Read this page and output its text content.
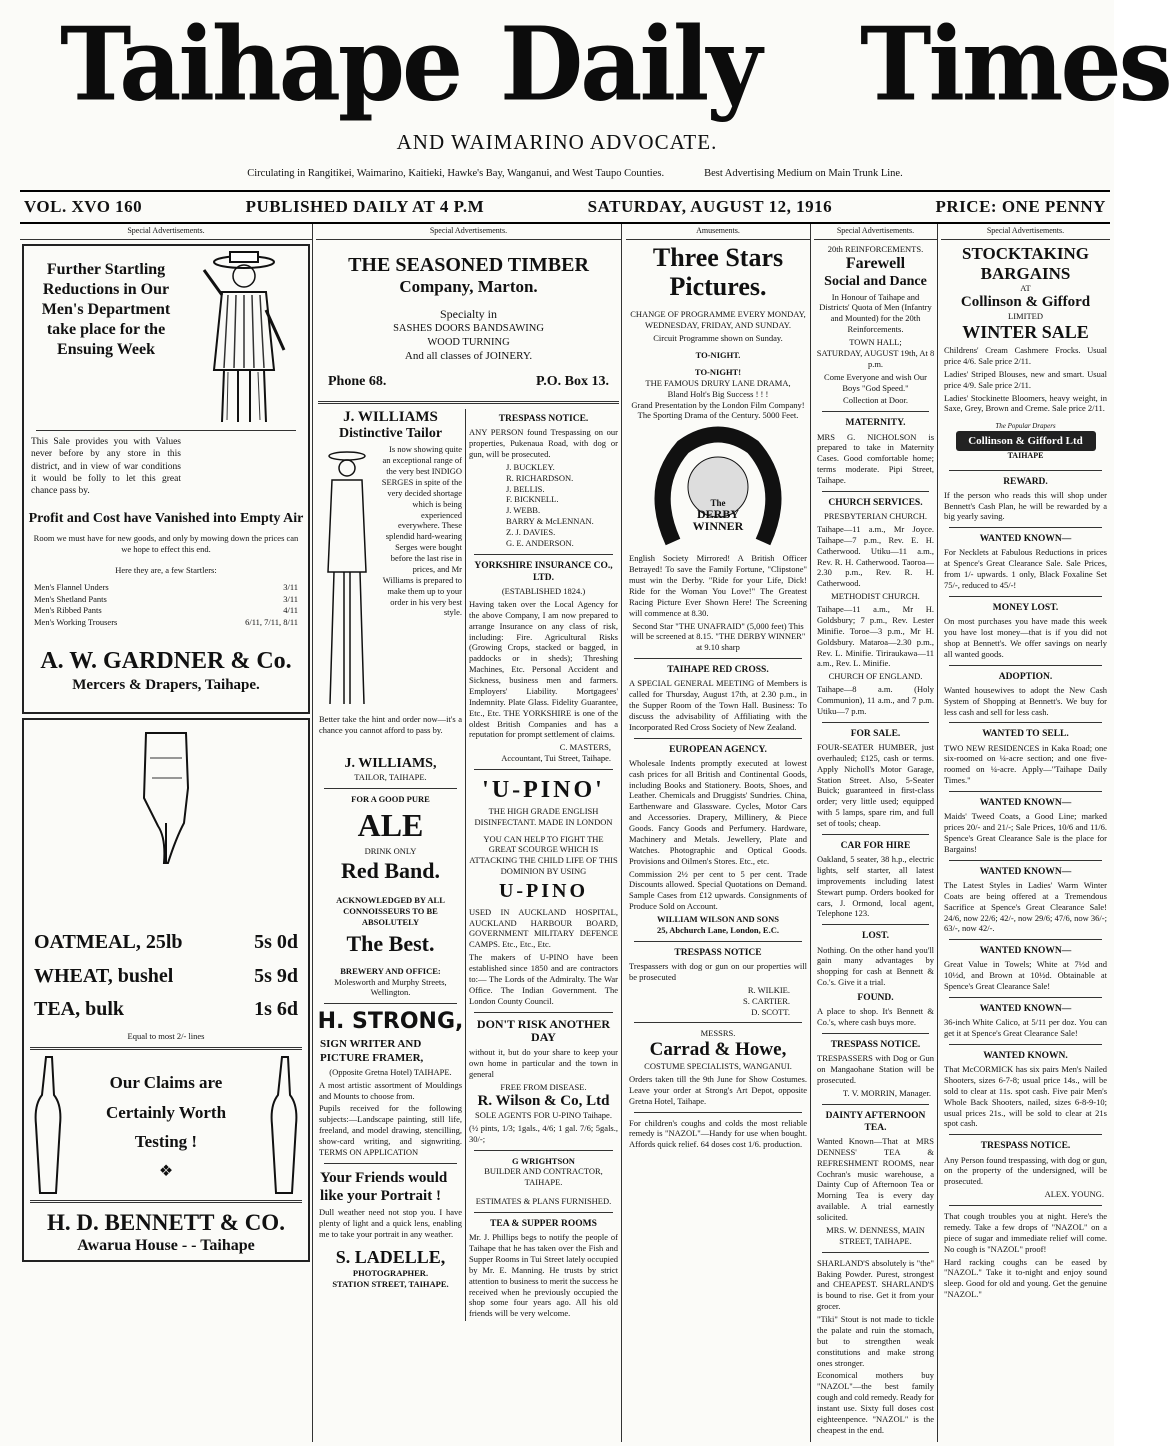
Taihape Daily Times
AND WAIMARINO ADVOCATE.
Circulating in Rangitikei, Waimarino, Kaitieki, Hawke's Bay, Wanganui, and West Taupo Counties.	Best Advertising Medium on Main Trunk Line.
VOL. XVO 160	PUBLISHED DAILY AT 4 P.M	SATURDAY, AUGUST 12, 1916	PRICE: ONE PENNY
Special Advertisements.
Further Startling Reductions in Our Men's Department take place for the Ensuing Week

This Sale provides you with Values never before by any store in this district, and in view of war conditions it would be folly to let this great chance pass by.

Profit and Cost have Vanished into Empty Air

Room we must have for new goods, and only by mowing down the prices can we hope to effect this end.

Here they are, a few Startlers:
Men's Flannel Unders	3/11
Men's Shetland Pants	3/11
Men's Ribbed Pants	4/11
Men's Working Trousers	6/11, 7/11, 8/11
A. W. GARDNER & Co.
Mercers & Drapers, Taihape.
OATMEAL, 25lb	5s 0d
WHEAT, bushel	5s 9d
TEA, bulk	1s 6d
Equal to most 2/- lines
Our Claims are
Certainly Worth
Testing !
❖
H. D. BENNETT & CO.
Awarua House - - Taihape
Special Advertisements.
THE SEASONED TIMBER
Company, Marton.
Specialty in
SASHES DOORS BANDSAWING
WOOD TURNING
And all classes of JOINERY.
Phone 68.	P.O. Box 13.
J. WILLIAMS
Distinctive Tailor

Is now showing quite an exceptional range of the very best INDIGO SERGES in spite of the very decided shortage which is being experienced everywhere. These splendid hard-wearing Serges were bought before the last rise in prices, and Mr Williams is prepared to make them up to your order in his very best style.

Better take the hint and order now—it's a chance you cannot afford to pass by.

J. WILLIAMS,
TAILOR, TAIHAPE.
FOR A GOOD PURE
ALE
DRINK ONLY
Red Band.

ACKNOWLEDGED BY ALL CONNOISSEURS TO BE ABSOLUTELY

The Best.
BREWERY AND OFFICE:
Molesworth and Murphy Streets, Wellington.
H. STRONG,
SIGN WRITER AND PICTURE FRAMER,
(Opposite Gretna Hotel) TAIHAPE.

A most artistic assortment of Mouldings and Mounts to choose from.

Pupils received for the following subjects:—Landscape painting, still life, freeland, and model drawing, stencilling, show-card writing, and signwriting. TERMS ON APPLICATION

Your Friends would like your Portrait !

Dull weather need not stop you. I have plenty of light and a quick lens, enabling me to take your portrait in any weather.

S. LADELLE,
PHOTOGRAPHER.
STATION STREET, TAIHAPE.
TRESPASS NOTICE.

ANY PERSON found Trespassing on our properties, Pukenaua Road, with dog or gun, will be prosecuted.

J. BUCKLEY.
R. RICHARDSON.
J. BELLIS.
F. BICKNELL.
J. WEBB.
BARRY & McLENNAN.
Z. J. DAVIES.
G. E. ANDERSON.
YORKSHIRE INSURANCE CO., LTD.
(ESTABLISHED 1824.)

Having taken over the Local Agency for the above Company, I am now prepared to arrange Insurance on any class of risk, including: Fire. Agricultural Risks (Growing Crops, stacked or bagged, in paddocks or in sheds); Threshing Machines, Etc. Personal Accident and Sickness, business men and farmers. Employers' Liability. Mortgagees' Indemnity. Plate Glass. Fidelity Guarantee, Etc., Etc. THE YORKSHIRE is one of the oldest British Companies and has a reputation for prompt settlement of claims.

C. MASTERS,
Accountant, Tui Street, Taihape.
'U-PINO'
THE HIGH GRADE ENGLISH DISINFECTANT. MADE IN LONDON

YOU CAN HELP TO FIGHT THE GREAT SCOURGE WHICH IS ATTACKING THE CHILD LIFE OF THIS DOMINION BY USING

U-PINO

USED IN AUCKLAND HOSPITAL, AUCKLAND HARBOUR BOARD, GOVERNMENT MILITARY DEFENCE CAMPS. Etc., Etc., Etc.

The makers of U-PINO have been established since 1850 and are contractors to:— The Lords of the Admiralty. The War Office. The Indian Government. The London County Council.

DON'T RISK ANOTHER DAY

without it, but do your share to keep your own home in particular and the town in general

FREE FROM DISEASE.
R. Wilson & Co, Ltd
SOLE AGENTS FOR U-PINO Taihape.

(½ pints, 1/3; 1gals., 4/6; 1 gal. 7/6; 5gals., 30/-;

G WRIGHTSON
BUILDER AND CONTRACTOR, TAIHAPE.
ESTIMATES & PLANS FURNISHED.
TEA & SUPPER ROOMS

Mr. J. Phillips begs to notify the people of Taihape that he has taken over the Fish and Supper Rooms in Tui Street lately occupied by Mr. E. Manning. He trusts by strict attention to business to merit the success he received when he previously occupied the shop some four years ago. All his old friends will be very welcome.

Amusements.
Three Stars
Pictures.

CHANGE OF PROGRAMME EVERY MONDAY, WEDNESDAY, FRIDAY, AND SUNDAY.

Circuit Programme shown on Sunday.
TO-NIGHT.
TO-NIGHT!
THE FAMOUS DRURY LANE DRAMA,
Bland Holt's Big Success ! ! !
Grand Presentation by the London Film Company!
The Sporting Drama of the Century. 5000 Feet.
The
DERBY
WINNER

English Society Mirrored! A British Officer Betrayed! To save the Family Fortune, "Clipstone" must win the Derby. "Ride for your Life, Dick! Ride for the Woman You Love!" The Greatest Racing Picture Ever Shown Here! The Screening will commence at 8.30.

Second Star "THE UNAFRAID" (5,000 feet) This will be screened at 8.15. "THE DERBY WINNER" at 9.10 sharp

TAIHAPE RED CROSS.

A SPECIAL GENERAL MEETING of Members is called for Thursday, August 17th, at 2.30 p.m., in the Supper Room of the Town Hall. Business: To discuss the advisability of Affiliating with the Incorporated Red Cross Society of New Zealand.

EUROPEAN AGENCY.

Wholesale Indents promptly executed at lowest cash prices for all British and Continental Goods, including Books and Stationery. Boots, Shoes, and Leather. Chemicals and Druggists' Sundries. China, Earthenware and Glassware. Cycles, Motor Cars and Accessories. Drapery, Millinery, & Piece Goods. Fancy Goods and Perfumery. Hardware, Machinery and Metals. Jewellery, Plate and Watches. Photographic and Optical Goods. Provisions and Oilmen's Stores. Etc., etc.

Commission 2½ per cent to 5 per cent. Trade Discounts allowed. Special Quotations on Demand. Sample Cases from £12 upwards. Consignments of Produce Sold on Account.

WILLIAM WILSON AND SONS
25, Abchurch Lane, London, E.C.
TRESPASS NOTICE

Trespassers with dog or gun on our properties will be prosecuted

R. WILKIE.
S. CARTIER.
D. SCOTT.
MESSRS.
Carrad & Howe,
COSTUME SPECIALISTS, WANGANUI.

Orders taken till the 9th June for Show Costumes. Leave your order at Strong's Art Depot, opposite Gretna Hotel, Taihape.

For children's coughs and colds the most reliable remedy is "NAZOL"—Handy for use when bought. Affords quick relief. 64 doses cost 1/6. production.

Special Advertisements.
20th REINFORCEMENTS.
Farewell
Social and Dance

In Honour of Taihape and Districts' Quota of Men (Infantry and Mounted) for the 20th Reinforcements.

TOWN HALL;
SATURDAY, AUGUST 19th, At 8 p.m.

Come Everyone and wish Our Boys "God Speed."

Collection at Door.
MATERNITY.

MRS G. NICHOLSON is prepared to take in Maternity Cases. Good comfortable home; terms moderate. Pipi Street, Taihape.

CHURCH SERVICES.
PRESBYTERIAN CHURCH.

Taihape—11 a.m., Mr Joyce. Taihape—7 p.m., Rev. E. H. Catherwood. Utiku—11 a.m., Rev. R. H. Catherwood. Taoroa—2.30 p.m., Rev. R. H. Catherwood.

METHODIST CHURCH.

Taihape—11 a.m., Mr H. Goldsbury; 7 p.m., Rev. Lester Minifie. Toroe—3 p.m., Mr H. Goldsbury. Mataroa—2.30 p.m., Rev. L. Minifie. Tiriraukawa—11 a.m., Rev. L. Minifie.

CHURCH OF ENGLAND.

Taihape—8 a.m. (Holy Communion), 11 a.m., and 7 p.m. Utiku—7 p.m.

FOR SALE.

FOUR-SEATER HUMBER, just overhauled; £125, cash or terms. Apply Nicholl's Motor Garage, Station Street. Also, 5-Seater Buick; guaranteed in first-class order; very little used; equipped with 5 lamps, spare rim, and full set of tools; cheap.

CAR FOR HIRE

Oakland, 5 seater, 38 h.p., electric lights, self starter, all latest improvements including latest Stewart pump. Orders booked for cars, J. Ormond, local agent, Telephone 123.

LOST.

Nothing. On the other hand you'll gain many advantages by shopping for cash at Bennett & Co.'s. Give it a trial.

FOUND.

A place to shop. It's Bennett & Co.'s, where cash buys more.

TRESPASS NOTICE.

TRESPASSERS with Dog or Gun on Mangaohane Station will be prosecuted.

T. V. MORRIN, Manager.
DAINTY AFTERNOON TEA.

Wanted Known—That at MRS DENNESS' TEA & REFRESHMENT ROOMS, near Cochran's music warehouse, a Dainty Cup of Afternoon Tea or Morning Tea is every day available. A trial earnestly solicited.

MRS. W. DENNESS, MAIN STREET, TAIHAPE.

SHARLAND'S absolutely is "the" Baking Powder. Purest, strongest and CHEAPEST. SHARLAND'S is bound to rise. Get it from your grocer.

"Tiki" Stout is not made to tickle the palate and ruin the stomach, but to strengthen weak constitutions and make strong ones stronger.

Economical mothers buy "NAZOL"—the best family cough and cold remedy. Ready for instant use. Sixty full doses cost eighteenpence. "NAZOL" is the cheapest in the end.

Special Advertisements.
STOCKTAKING
BARGAINS
AT
Collinson & Gifford
LIMITED
WINTER SALE

Childrens' Cream Cashmere Frocks. Usual price 4/6. Sale price 2/11.

Ladies' Striped Blouses, new and smart. Usual price 4/9. Sale price 2/11.

Ladies' Stockinette Bloomers, heavy weight, in Saxe, Grey, Brown and Creme. Sale price 2/11.

The Popular Drapers
Collinson & Gifford Ltd
TAIHAPE
REWARD.

If the person who reads this will shop under Bennett's Cash Plan, he will be rewarded by a big yearly saving.

WANTED KNOWN—

For Necklets at Fabulous Reductions in prices at Spence's Great Clearance Sale. Sale Prices, from 1/- upwards. 1 only, Black Foxaline Set 75/-, reduced to 45/-!

MONEY LOST.

On most purchases you have made this week you have lost money—that is if you did not shop at Bennett's. We offer savings on nearly all wanted goods.

ADOPTION.

Wanted housewives to adopt the New Cash System of Shopping at Bennett's. We buy for less cash and sell for less cash.

WANTED TO SELL.

TWO NEW RESIDENCES in Kaka Road; one six-roomed on ¼-acre section; and one five-roomed on ¼-acre. Apply—"Taihape Daily Times."

WANTED KNOWN—

Maids' Tweed Coats, a Good Line; marked prices 20/- and 21/-; Sale Prices, 10/6 and 11/6. Spence's Great Clearance Sale is the place for Bargains!

WANTED KNOWN—

The Latest Styles in Ladies' Warm Winter Coats are being offered at a Tremendous Sacrifice at Spence's Great Clearance Sale! 24/6, now 22/6; 42/-, now 29/6; 47/6, now 36/-; 63/-, now 42/-.

WANTED KNOWN—

Great Value in Towels; White at 7½d and 10½d, and Brown at 10½d. Obtainable at Spence's Great Clearance Sale!

WANTED KNOWN—

36-inch White Calico, at 5/11 per doz. You can get it at Spence's Great Clearance Sale!

WANTED KNOWN.

That McCORMICK has six pairs Men's Nailed Shooters, sizes 6-7-8; usual price 14s., will be sold to clear at 11s. spot cash. Five pair Men's Whole Back Shooters, nailed, sizes 6-8-9-10; usual prices 21s., will be sold to clear at 21s spot cash.

TRESPASS NOTICE.

Any Person found trespassing, with dog or gun, on the property of the undersigned, will be prosecuted.

ALEX. YOUNG.

That cough troubles you at night. Here's the remedy. Take a few drops of "NAZOL" on a piece of sugar and immediate relief will come. No cough is "NAZOL" proof!

Hard racking coughs can be eased by "NAZOL." Take it to-night and enjoy sound sleep. Good for old and young. Get the genuine "NAZOL."
